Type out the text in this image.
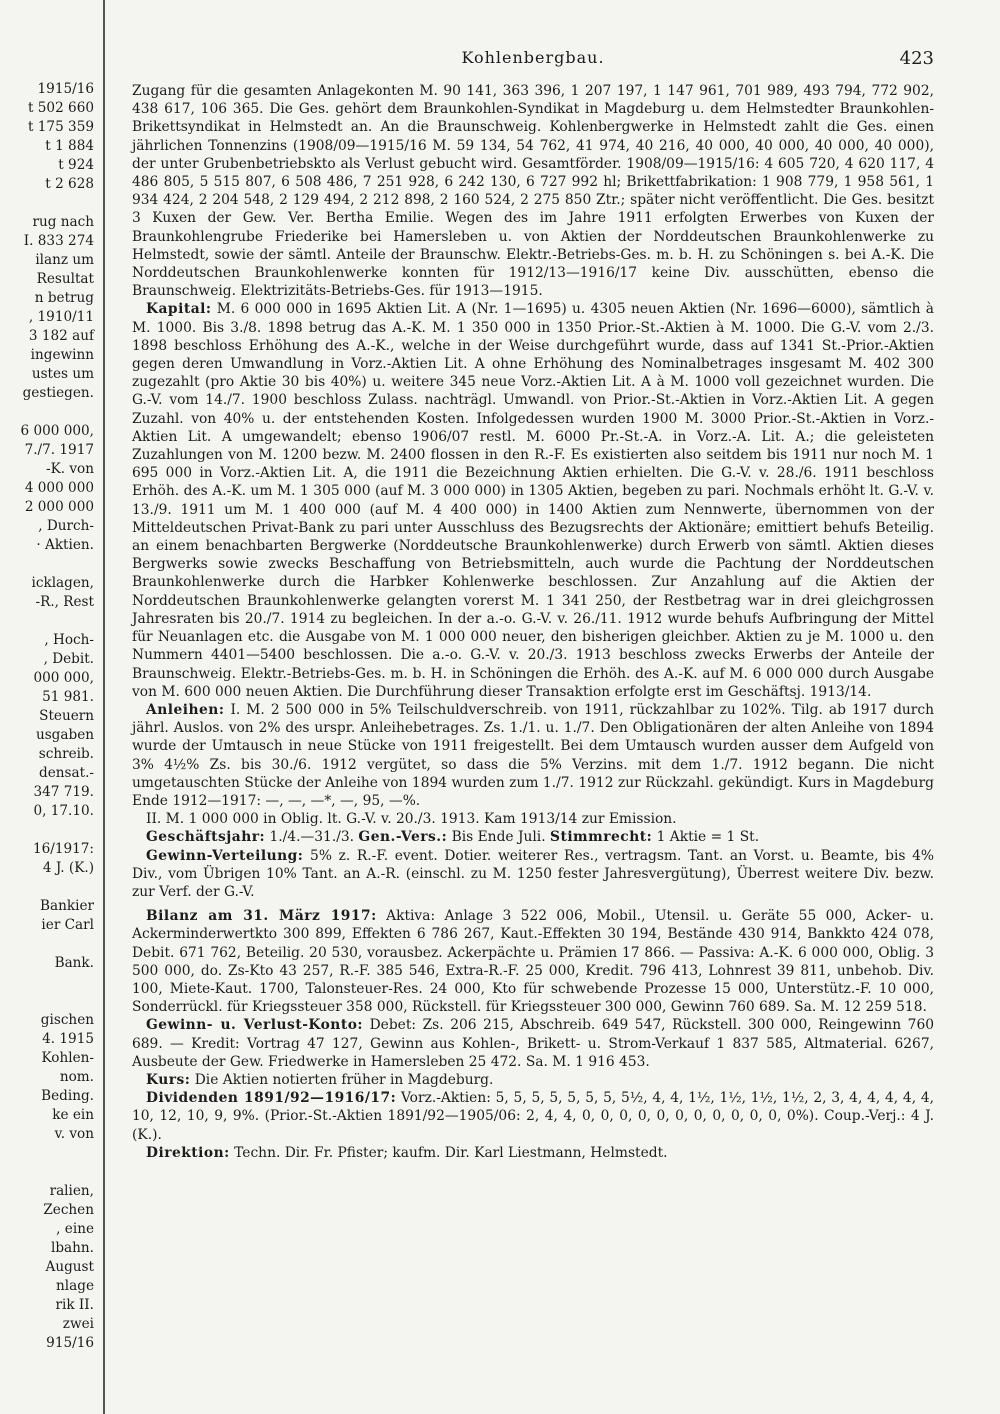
1915/16
t 502 660
t 175 359
t 1 884
t 924
t 2 628

rug nach
I. 833 274
ilanz um
Resultat
n betrug
, 1910/11
3 182 auf
ingewinn
ustes um
gestiegen.

6 000 000,
7./7. 1917
-K. von
4 000 000
2 000 000
, Durch-
· Aktien.

icklagen,
-R., Rest

, Hoch-
, Debit.
000 000,
51 981.
Steuern
usgaben
schreib.
densat.-
347 719.
0, 17.10.

16/1917:
4 J. (K.)

Bankier
ier Carl

Bank.

gischen
4. 1915
Kohlen-
nom.
Beding.
ke ein
v. von

ralien,
Zechen
, eine
lbahn.
August
nlage
rik II.
zwei
915/16
Kohlenbergbau.	423

Zugang für die gesamten Anlagekonten M. 90 141, 363 396, 1 207 197, 1 147 961, 701 989, 493 794, 772 902, 438 617, 106 365. Die Ges. gehört dem Braunkohlen-Syndikat in Magdeburg u. dem Helmstedter Braunkohlen-Brikettsyndikat in Helmstedt an. An die Braunschweig. Kohlenbergwerke in Helmstedt zahlt die Ges. einen jährlichen Tonnenzins (1908/09—1915/16 M. 59 134, 54 762, 41 974, 40 216, 40 000, 40 000, 40 000, 40 000), der unter Grubenbetriebskto als Verlust gebucht wird. Gesamtförder. 1908/09—1915/16: 4 605 720, 4 620 117, 4 486 805, 5 515 807, 6 508 486, 7 251 928, 6 242 130, 6 727 992 hl; Brikettfabrikation: 1 908 779, 1 958 561, 1 934 424, 2 204 548, 2 129 494, 2 212 898, 2 160 524, 2 275 850 Ztr.; später nicht veröffentlicht. Die Ges. besitzt 3 Kuxen der Gew. Ver. Bertha Emilie. Wegen des im Jahre 1911 erfolgten Erwerbes von Kuxen der Braunkohlengrube Friederike bei Hamersleben u. von Aktien der Norddeutschen Braunkohlenwerke zu Helmstedt, sowie der sämtl. Anteile der Braunschw. Elektr.-Betriebs-Ges. m. b. H. zu Schöningen s. bei A.-K. Die Norddeutschen Braunkohlenwerke konnten für 1912/13—1916/17 keine Div. ausschütten, ebenso die Braunschweig. Elektrizitäts-Betriebs-Ges. für 1913—1915.

Kapital: M. 6 000 000 in 1695 Aktien Lit. A (Nr. 1—1695) u. 4305 neuen Aktien (Nr. 1696—6000), sämtlich à M. 1000. Bis 3./8. 1898 betrug das A.-K. M. 1 350 000 in 1350 Prior.-St.-Aktien à M. 1000. Die G.-V. vom 2./3. 1898 beschloss Erhöhung des A.-K., welche in der Weise durchgeführt wurde, dass auf 1341 St.-Prior.-Aktien gegen deren Umwandlung in Vorz.-Aktien Lit. A ohne Erhöhung des Nominalbetrages insgesamt M. 402 300 zugezahlt (pro Aktie 30 bis 40%) u. weitere 345 neue Vorz.-Aktien Lit. A à M. 1000 voll gezeichnet wurden. Die G.-V. vom 14./7. 1900 beschloss Zulass. nachträgl. Umwandl. von Prior.-St.-Aktien in Vorz.-Aktien Lit. A gegen Zuzahl. von 40% u. der entstehenden Kosten. Infolgedessen wurden 1900 M. 3000 Prior.-St.-Aktien in Vorz.-Aktien Lit. A umgewandelt; ebenso 1906/07 restl. M. 6000 Pr.-St.-A. in Vorz.-A. Lit. A.; die geleisteten Zuzahlungen von M. 1200 bezw. M. 2400 flossen in den R.-F. Es existierten also seitdem bis 1911 nur noch M. 1 695 000 in Vorz.-Aktien Lit. A, die 1911 die Bezeichnung Aktien erhielten. Die G.-V. v. 28./6. 1911 beschloss Erhöh. des A.-K. um M. 1 305 000 (auf M. 3 000 000) in 1305 Aktien, begeben zu pari. Nochmals erhöht lt. G.-V. v. 13./9. 1911 um M. 1 400 000 (auf M. 4 400 000) in 1400 Aktien zum Nennwerte, übernommen von der Mitteldeutschen Privat-Bank zu pari unter Ausschluss des Bezugsrechts der Aktionäre; emittiert behufs Beteilig. an einem benachbarten Bergwerke (Norddeutsche Braunkohlenwerke) durch Erwerb von sämtl. Aktien dieses Bergwerks sowie zwecks Beschaffung von Betriebsmitteln, auch wurde die Pachtung der Norddeutschen Braunkohlenwerke durch die Harbker Kohlenwerke beschlossen. Zur Anzahlung auf die Aktien der Norddeutschen Braunkohlenwerke gelangten vorerst M. 1 341 250, der Restbetrag war in drei gleichgrossen Jahresraten bis 20./7. 1914 zu begleichen. In der a.-o. G.-V. v. 26./11. 1912 wurde behufs Aufbringung der Mittel für Neuanlagen etc. die Ausgabe von M. 1 000 000 neuer, den bisherigen gleichber. Aktien zu je M. 1000 u. den Nummern 4401—5400 beschlossen. Die a.-o. G.-V. v. 20./3. 1913 beschloss zwecks Erwerbs der Anteile der Braunschweig. Elektr.-Betriebs-Ges. m. b. H. in Schöningen die Erhöh. des A.-K. auf M. 6 000 000 durch Ausgabe von M. 600 000 neuen Aktien. Die Durchführung dieser Transaktion erfolgte erst im Geschäftsj. 1913/14.

Anleihen: I. M. 2 500 000 in 5% Teilschuldverschreib. von 1911, rückzahlbar zu 102%. Tilg. ab 1917 durch jährl. Auslos. von 2% des urspr. Anleihebetrages. Zs. 1./1. u. 1./7. Den Obligationären der alten Anleihe von 1894 wurde der Umtausch in neue Stücke von 1911 freigestellt. Bei dem Umtausch wurden ausser dem Aufgeld von 3% 4½% Zs. bis 30./6. 1912 vergütet, so dass die 5% Verzins. mit dem 1./7. 1912 begann. Die nicht umgetauschten Stücke der Anleihe von 1894 wurden zum 1./7. 1912 zur Rückzahl. gekündigt. Kurs in Magdeburg Ende 1912—1917: —, —, —*, —, 95, —%.

II. M. 1 000 000 in Oblig. lt. G.-V. v. 20./3. 1913. Kam 1913/14 zur Emission.

Geschäftsjahr: 1./4.—31./3. Gen.-Vers.: Bis Ende Juli. Stimmrecht: 1 Aktie = 1 St.

Gewinn-Verteilung: 5% z. R.-F. event. Dotier. weiterer Res., vertragsm. Tant. an Vorst. u. Beamte, bis 4% Div., vom Übrigen 10% Tant. an A.-R. (einschl. zu M. 1250 fester Jahresvergütung), Überrest weitere Div. bezw. zur Verf. der G.-V.

Bilanz am 31. März 1917: Aktiva: Anlage 3 522 006, Mobil., Utensil. u. Geräte 55 000, Acker- u. Ackerminderwertkto 300 899, Effekten 6 786 267, Kaut.-Effekten 30 194, Bestände 430 914, Bankkto 424 078, Debit. 671 762, Beteilig. 20 530, vorausbez. Ackerpächte u. Prämien 17 866. — Passiva: A.-K. 6 000 000, Oblig. 3 500 000, do. Zs-Kto 43 257, R.-F. 385 546, Extra-R.-F. 25 000, Kredit. 796 413, Lohnrest 39 811, unbehob. Div. 100, Miete-Kaut. 1700, Talonsteuer-Res. 24 000, Kto für schwebende Prozesse 15 000, Unterstütz.-F. 10 000, Sonderrückl. für Kriegssteuer 358 000, Rückstell. für Kriegssteuer 300 000, Gewinn 760 689. Sa. M. 12 259 518.

Gewinn- u. Verlust-Konto: Debet: Zs. 206 215, Abschreib. 649 547, Rückstell. 300 000, Reingewinn 760 689. — Kredit: Vortrag 47 127, Gewinn aus Kohlen-, Brikett- u. Strom-Verkauf 1 837 585, Altmaterial. 6267, Ausbeute der Gew. Friedwerke in Hamersleben 25 472. Sa. M. 1 916 453.

Kurs: Die Aktien notierten früher in Magdeburg.

Dividenden 1891/92—1916/17: Vorz.-Aktien: 5, 5, 5, 5, 5, 5, 5, 5½, 4, 4, 1½, 1½, 1½, 1½, 2, 3, 4, 4, 4, 4, 4, 10, 12, 10, 9, 9%. (Prior.-St.-Aktien 1891/92—1905/06: 2, 4, 4, 0, 0, 0, 0, 0, 0, 0, 0, 0, 0, 0, 0%). Coup.-Verj.: 4 J. (K.).

Direktion: Techn. Dir. Fr. Pfister; kaufm. Dir. Karl Liestmann, Helmstedt.
